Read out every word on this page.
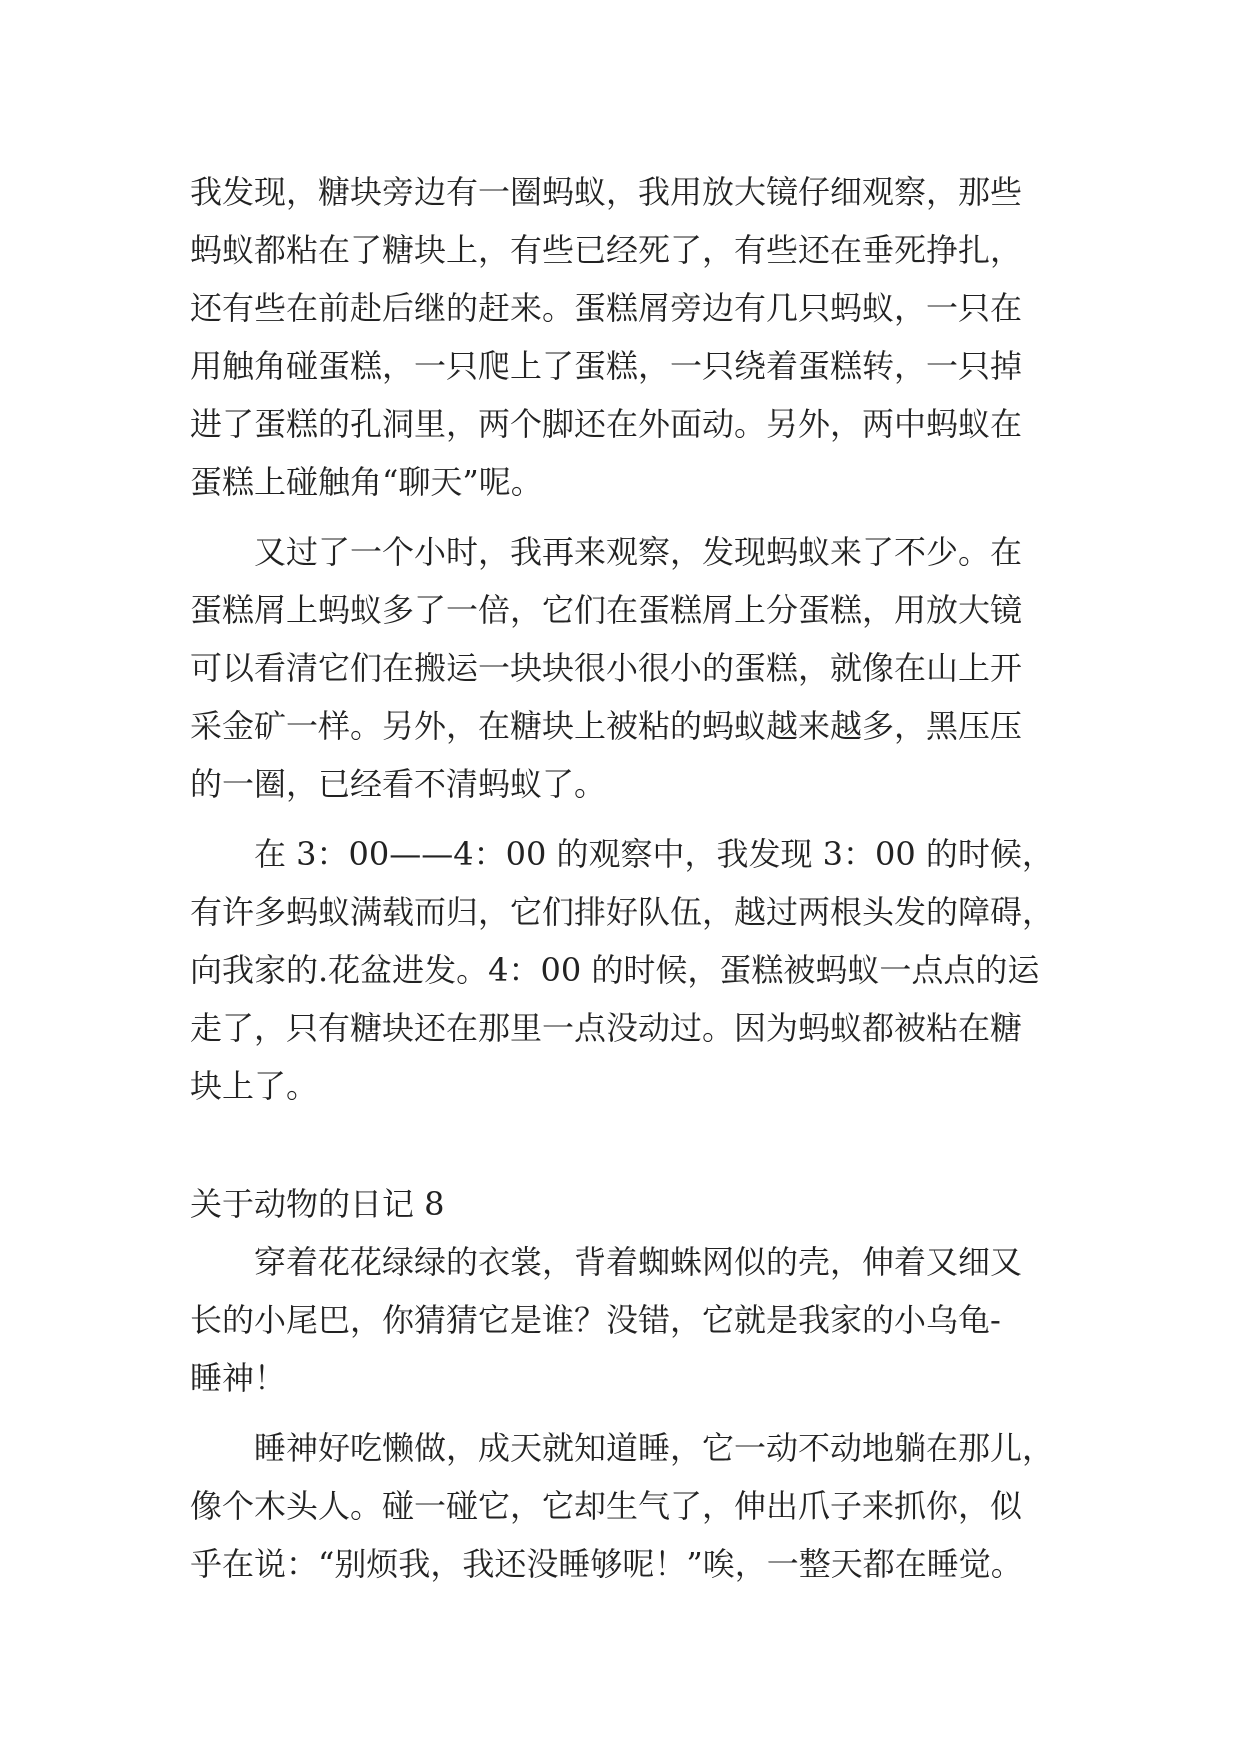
我发现，糖块旁边有一圈蚂蚁，我用放大镜仔细观察，那些
蚂蚁都粘在了糖块上，有些已经死了，有些还在垂死挣扎，
还有些在前赴后继的赶来。蛋糕屑旁边有几只蚂蚁，一只在
用触角碰蛋糕，一只爬上了蛋糕，一只绕着蛋糕转，一只掉
进了蛋糕的孔洞里，两个脚还在外面动。另外，两中蚂蚁在
蛋糕上碰触角“聊天”呢。
又过了一个小时，我再来观察，发现蚂蚁来了不少。在
蛋糕屑上蚂蚁多了一倍，它们在蛋糕屑上分蛋糕，用放大镜
可以看清它们在搬运一块块很小很小的蛋糕，就像在山上开
采金矿一样。另外，在糖块上被粘的蚂蚁越来越多，黑压压
的一圈，已经看不清蚂蚁了。
在 3：00——4：00 的观察中，我发现 3：00 的时候，
有许多蚂蚁满载而归，它们排好队伍，越过两根头发的障碍，
向我家的.花盆进发。4：00 的时候，蛋糕被蚂蚁一点点的运
走了，只有糖块还在那里一点没动过。因为蚂蚁都被粘在糖
块上了。
关于动物的日记 8
穿着花花绿绿的衣裳，背着蜘蛛网似的壳，伸着又细又
长的小尾巴，你猜猜它是谁？没错，它就是我家的小乌龟-
睡神！
睡神好吃懒做，成天就知道睡，它一动不动地躺在那儿，
像个木头人。碰一碰它，它却生气了，伸出爪子来抓你，似
乎在说：“别烦我，我还没睡够呢！”唉，一整天都在睡觉。
